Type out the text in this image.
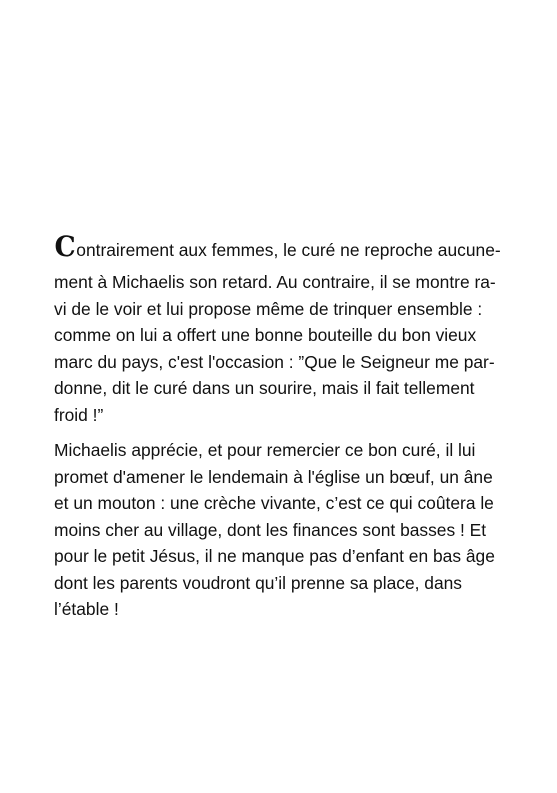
Contrairement aux femmes, le curé ne reproche aucune-
ment à Michaelis son retard. Au contraire, il se montre ra-
vi de le voir et lui propose même de trinquer ensemble :
comme on lui a offert une bonne bouteille du bon vieux
marc du pays, c'est l'occasion : ”Que le Seigneur me par-
donne, dit le curé dans un sourire, mais il fait tellement
froid !”

Michaelis apprécie, et pour remercier ce bon curé, il lui
promet d'amener le lendemain à l'église un bœuf, un âne
et un mouton : une crèche vivante, c’est ce qui coûtera le
moins cher au village, dont les finances sont basses ! Et
pour le petit Jésus, il ne manque pas d’enfant en bas âge
dont les parents voudront qu’il prenne sa place, dans
l’étable !
